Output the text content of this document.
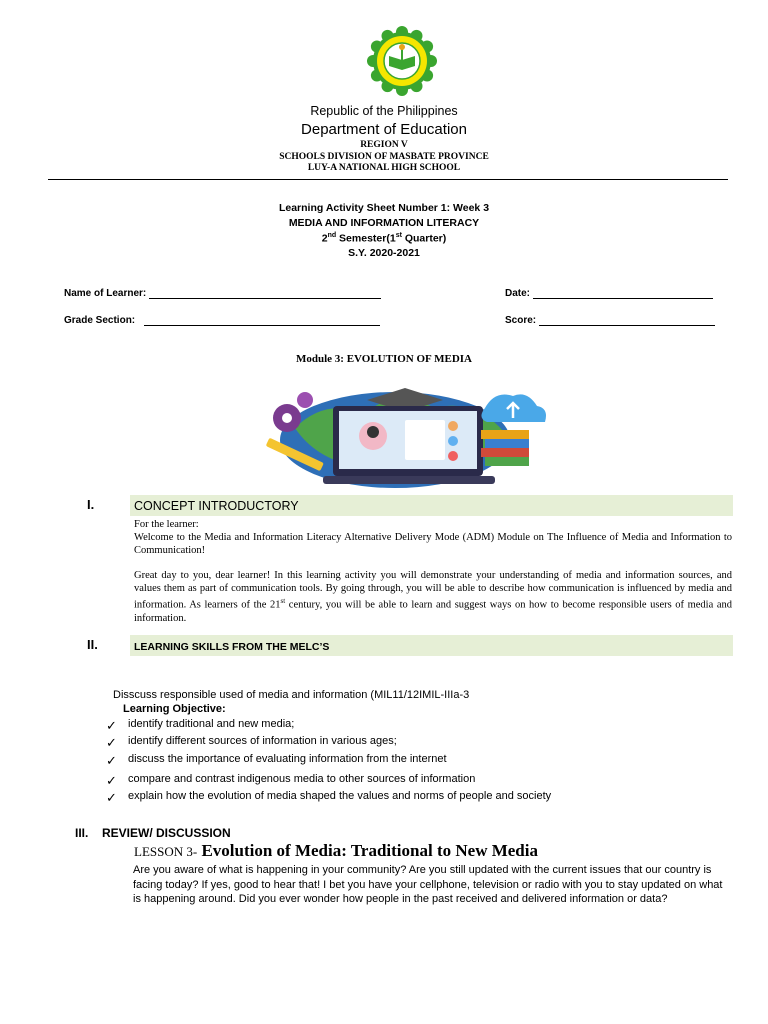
Republic of the Philippines
Department of Education
REGION V
SCHOOLS DIVISION OF MASBATE PROVINCE
LUY-A NATIONAL HIGH SCHOOL
Learning Activity Sheet Number 1: Week 3
MEDIA AND INFORMATION LITERACY
2nd Semester(1st Quarter)
S.Y. 2020-2021
Name of Learner:	Date:
Grade Section:	Score:
Module 3: EVOLUTION OF MEDIA
I.	CONCEPT INTRODUCTORY
For the learner:
Welcome to the Media and Information Literacy Alternative Delivery Mode (ADM) Module on The Influence of Media and Information to Communication!
Great day to you, dear learner! In this learning activity you will demonstrate your understanding of media and information sources, and values them as part of communication tools. By going through, you will be able to describe how communication is influenced by media and information. As learners of the 21st century, you will be able to learn and suggest ways on how to become responsible users of media and information.
II.	LEARNING SKILLS FROM THE MELC’S
Disscuss responsible used of media and information (MIL11/12IMIL-IIIa-3
Learning Objective:
✓ identify traditional and new media;
✓ identify different sources of information in various ages;
✓ discuss the importance of evaluating information from the internet
✓ compare and contrast indigenous media to other sources of information
✓ explain how the evolution of media shaped the values and norms of people and society
III. REVIEW/ DISCUSSION
LESSON 3- Evolution of Media: Traditional to New Media
Are you aware of what is happening in your community? Are you still updated with the current issues that our country is facing today? If yes, good to hear that! I bet you have your cellphone, television or radio with you to stay updated on what is happening around. Did you ever wonder how people in the past received and delivered information or data?
